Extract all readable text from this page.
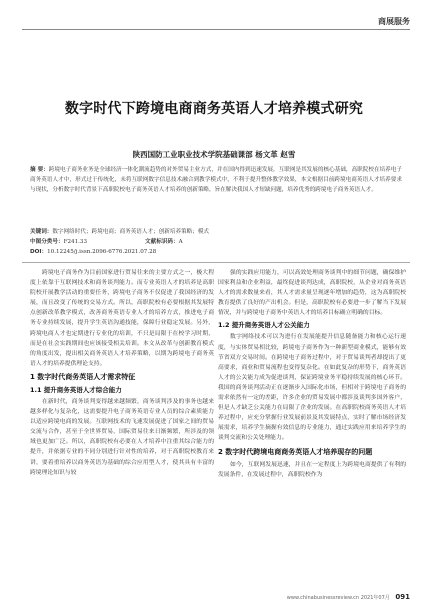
商展服务
数字时代下跨境电商商务英语人才培养模式研究
陕西国防工业职业技术学院基础课部 杨文革 赵雪
摘 要：跨境电子商务业务是全球经济一体化潮流趋势的对外贸易主业方式，并在国内得到迅速发展，互联网是其发展的核心基础，高职院校在培养电子商务英语人才中，形式过于传统化，未将互联网数字信息技术融合到教学模式中，不利于提升整体教学效果，本文根据目前跨境电商英语人才培养要求与现状，分析数字时代背景下高职院校电子商务英语人才培养的创新策略，旨在解决我国人才短缺问题，培养优秀的跨境电子商务英语人才。
关键词：数字网络时代；跨境电商；商务英语人才；创新培养策略；模式
中图分类号：F241.33	文献标识码：A
DOI：10.12245/j.issn.2096-6776.2021.07.28

跨境电子商务作为目前国家进行贸易往来的主要方式之一，极大程度上依靠于互联网技术和商务谈判能力。而专业英语人才的培养是高职院校开展教学活动的重要任务，跨境电子商务不仅促进了我国经济的发展，而且改变了传统的交易方式。所以，高职院校有必要根据其发展特点创新改革教学模式，改善商务英语专业人才的培养方式，推进电子商务专业持续发展，提升学生英语沟通技能，保障行业稳定发展。另外，跨境电商人才也定期进行专业化的培训，不只是局限于在校学习时期，而是在社会实践期间也应该接受相关培训。本文从改革与创新教育模式的角度出发，提出相关商务英语人才培养策略，以期为跨境电子商务英语人才的培养提供理论支持。

1 数字时代商务英语人才需求特征
1.1 提升商务英语人才综合能力

在新时代，商务谈判变得越来越频繁，商务谈判涉及的事务也越来越多样化与复杂化，这需要提升电子商务英语专业人员的综合素质能力以适应跨境电商的发展。互联网技术的飞速发展促进了国家之间的贸易交流与合作，甚至于全世界贸易，国际贸易往来日渐频繁，所涉及的领域也更加广泛。所以，高职院校有必要在人才培养中注重其综合能力的提升，并依据专业的不同分别进行针对性的培养，对于高职院校教育来讲，要着重培养以商务英语为基础的综合应用型人才，使其具有丰富的跨境理论知识与较

强的实践应用能力，可以高效处理商务谈判中的细节问题，确保维护国家利益和企业利益，最终促进谈判达成，高职院校，从企业对商务英语人才的需求数量来看，其人才需求量呈现逐年增加的趋势，这为高职院校教育提供了良好的产出机会。但是，高职院校有必要进一步了解当下发展情况，并与跨境电子商务中英语人才的培养目标确立明确的目标。

1.2 提升商务英语人才公关能力

数字网络技术可以为进行在发展能提升信息随备能力和核心运行速度，与实体贸易相比较，跨境电子商务作为一种新型商业模式，能够有效节省双方交易时间。在跨境电子商务过程中，对于贸易谈判者却提出了更高要求，商业和贸易流程也变得复杂化。在如此复杂的形势下，商务英语人才的公关能力成为促进谈判，保证跨境业务平稳持续发展的核心环节。我国的商务谈判活动正在逐渐步入国际化市场，但相对于跨境电子商务的需求依然有一定的差距，许多企业的贸易发展中都涉及谈判多国外客户，但是人才缺乏公关能力在局限了企业的发展。在高职院校商务英语人才培养过程中，应充分掌握行业发展前景及其发展特点，实时了解市场经济发展需求，培养学生摘握有效信息的专业能力，通过实践应用来培养学生的谈判交流和公关处理能力。

2 数字时代跨境电商商务英语人才培养现存的问题

如今，互联网发展迅速，并且在一定程度上为跨境电商提供了有利的发展条件，在发展过程中，高职院校作为

www.chinabusinessreview.cn 2021年07月 091
